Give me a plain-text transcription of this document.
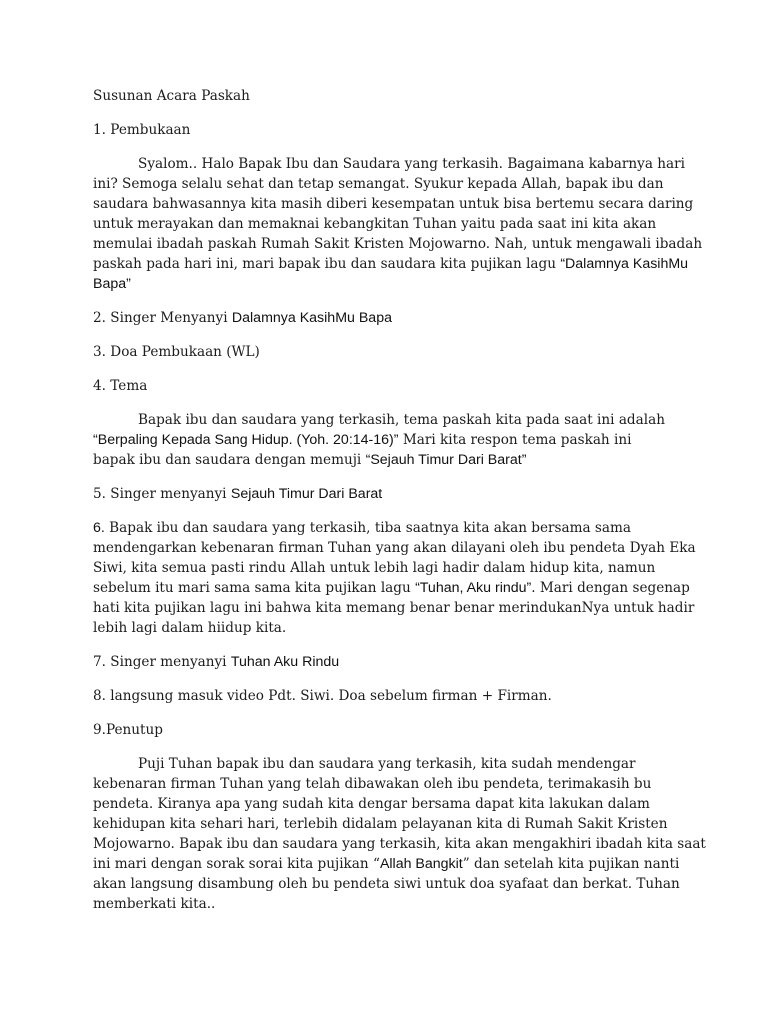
Susunan Acara Paskah
1. Pembukaan
Syalom.. Halo Bapak Ibu dan Saudara yang terkasih. Bagaimana kabarnya hari
ini? Semoga selalu sehat dan tetap semangat. Syukur kepada Allah, bapak ibu dan
saudara bahwasannya kita masih diberi kesempatan untuk bisa bertemu secara daring
untuk merayakan dan memaknai kebangkitan Tuhan yaitu pada saat ini kita akan
memulai ibadah paskah Rumah Sakit Kristen Mojowarno. Nah, untuk mengawali ibadah
paskah pada hari ini, mari bapak ibu dan saudara kita pujikan lagu “Dalamnya KasihMu
Bapa”
2. Singer Menyanyi Dalamnya KasihMu Bapa
3. Doa Pembukaan (WL)
4. Tema
Bapak ibu dan saudara yang terkasih, tema paskah kita pada saat ini adalah
“Berpaling Kepada Sang Hidup. (Yoh. 20:14-16)” Mari kita respon tema paskah ini
bapak ibu dan saudara dengan memuji “Sejauh Timur Dari Barat”
5. Singer menyanyi Sejauh Timur Dari Barat
6. Bapak ibu dan saudara yang terkasih, tiba saatnya kita akan bersama sama
mendengarkan kebenaran firman Tuhan yang akan dilayani oleh ibu pendeta Dyah Eka
Siwi, kita semua pasti rindu Allah untuk lebih lagi hadir dalam hidup kita, namun
sebelum itu mari sama sama kita pujikan lagu “Tuhan, Aku rindu”. Mari dengan segenap
hati kita pujikan lagu ini bahwa kita memang benar benar merindukanNya untuk hadir
lebih lagi dalam hiidup kita.
7. Singer menyanyi Tuhan Aku Rindu
8. langsung masuk video Pdt. Siwi. Doa sebelum firman + Firman.
9.Penutup
Puji Tuhan bapak ibu dan saudara yang terkasih, kita sudah mendengar
kebenaran firman Tuhan yang telah dibawakan oleh ibu pendeta, terimakasih bu
pendeta. Kiranya apa yang sudah kita dengar bersama dapat kita lakukan dalam
kehidupan kita sehari hari, terlebih didalam pelayanan kita di Rumah Sakit Kristen
Mojowarno. Bapak ibu dan saudara yang terkasih, kita akan mengakhiri ibadah kita saat
ini mari dengan sorak sorai kita pujikan “Allah Bangkit” dan setelah kita pujikan nanti
akan langsung disambung oleh bu pendeta siwi untuk doa syafaat dan berkat. Tuhan
memberkati kita..
